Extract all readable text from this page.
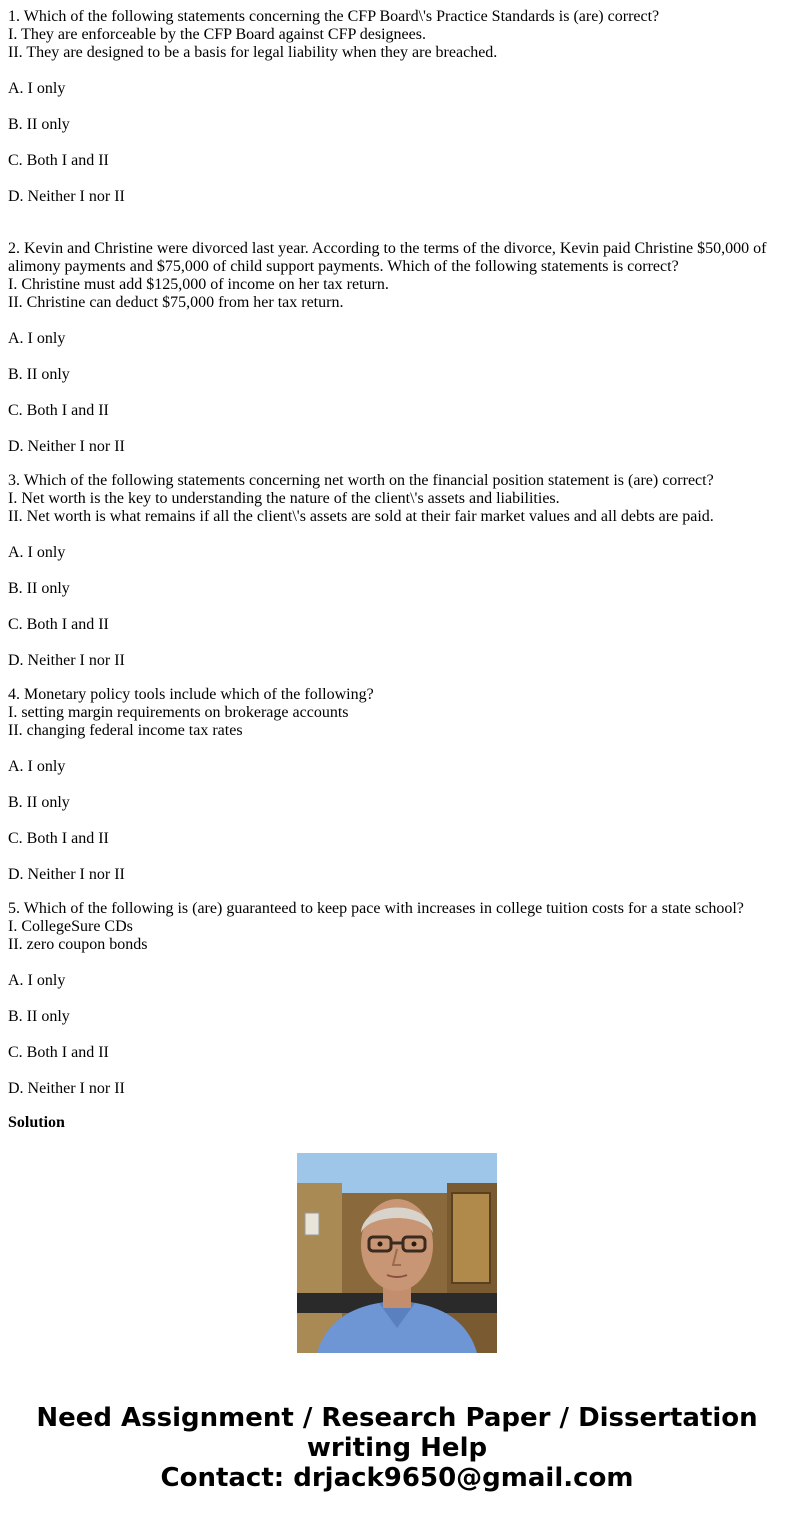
1. Which of the following statements concerning the CFP Board\'s Practice Standards is (are) correct?
I. They are enforceable by the CFP Board against CFP designees.
II. They are designed to be a basis for legal liability when they are breached.
A. I only
B. II only
C. Both I and II
D. Neither I nor II
2. Kevin and Christine were divorced last year. According to the terms of the divorce, Kevin paid Christine $50,000 of alimony payments and $75,000 of child support payments. Which of the following statements is correct?
I. Christine must add $125,000 of income on her tax return.
II. Christine can deduct $75,000 from her tax return.
A. I only
B. II only
C. Both I and II
D. Neither I nor II
3. Which of the following statements concerning net worth on the financial position statement is (are) correct?
I. Net worth is the key to understanding the nature of the client\'s assets and liabilities.
II. Net worth is what remains if all the client\'s assets are sold at their fair market values and all debts are paid.
A. I only
B. II only
C. Both I and II
D. Neither I nor II
4. Monetary policy tools include which of the following?
I. setting margin requirements on brokerage accounts
II. changing federal income tax rates
A. I only
B. II only
C. Both I and II
D. Neither I nor II
5. Which of the following is (are) guaranteed to keep pace with increases in college tuition costs for a state school?
I. CollegeSure CDs
II. zero coupon bonds
A. I only
B. II only
C. Both I and II
D. Neither I nor II

Solution

Need Assignment / Research Paper / Dissertation
writing Help
Contact: drjack9650@gmail.com
